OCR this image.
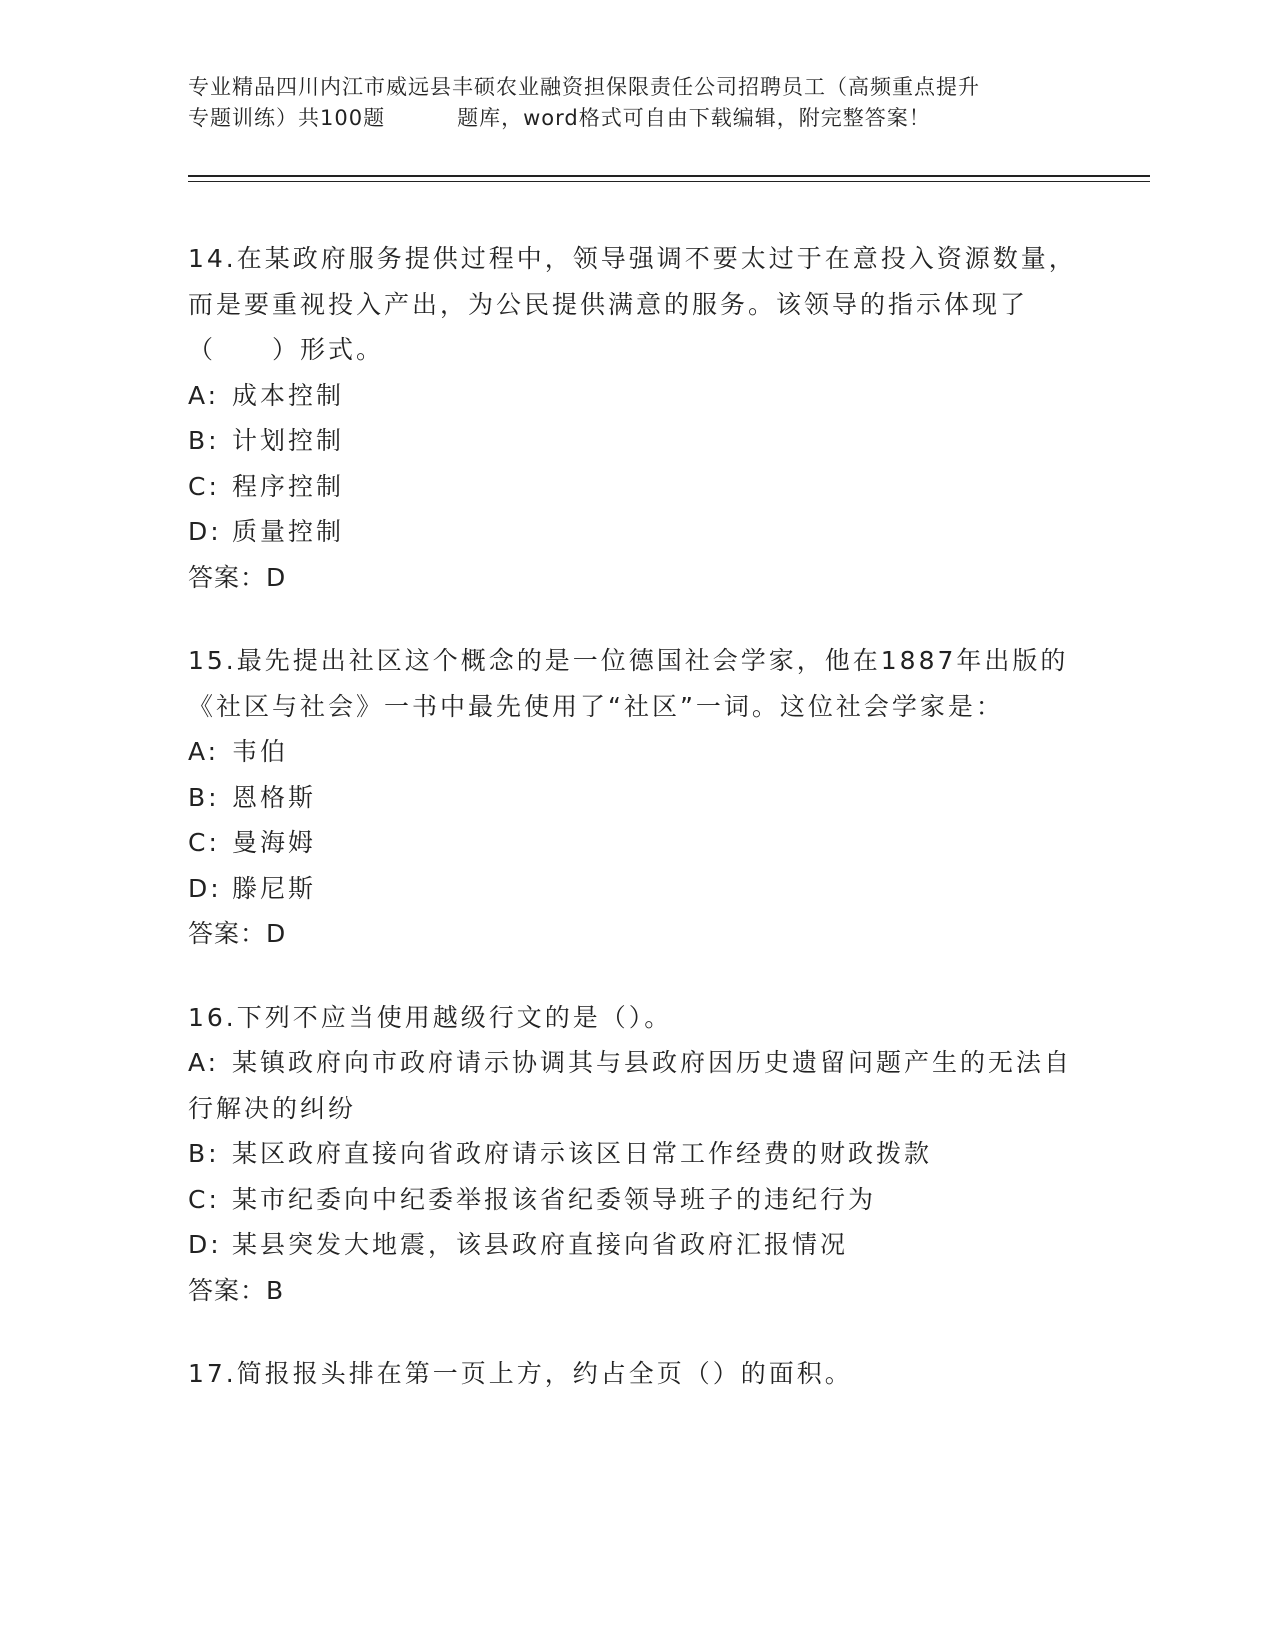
专业精品四川内江市威远县丰硕农业融资担保限责任公司招聘员工（高频重点提升
专题训练）共100题	题库，word格式可自由下载编辑，附完整答案！
14.在某政府服务提供过程中，领导强调不要太过于在意投入资源数量，而是要重视投入产出，为公民提供满意的服务。该领导的指示体现了（　　）形式。
A: 成本控制
B: 计划控制
C: 程序控制
D: 质量控制
答案：D
15.最先提出社区这个概念的是一位德国社会学家，他在1887年出版的《社区与社会》一书中最先使用了“社区”一词。这位社会学家是：
A: 韦伯
B: 恩格斯
C: 曼海姆
D: 滕尼斯
答案：D
16.下列不应当使用越级行文的是（）。
A: 某镇政府向市政府请示协调其与县政府因历史遗留问题产生的无法自行解决的纠纷
B: 某区政府直接向省政府请示该区日常工作经费的财政拨款
C: 某市纪委向中纪委举报该省纪委领导班子的违纪行为
D: 某县突发大地震，该县政府直接向省政府汇报情况
答案：B
17.简报报头排在第一页上方，约占全页（）的面积。
